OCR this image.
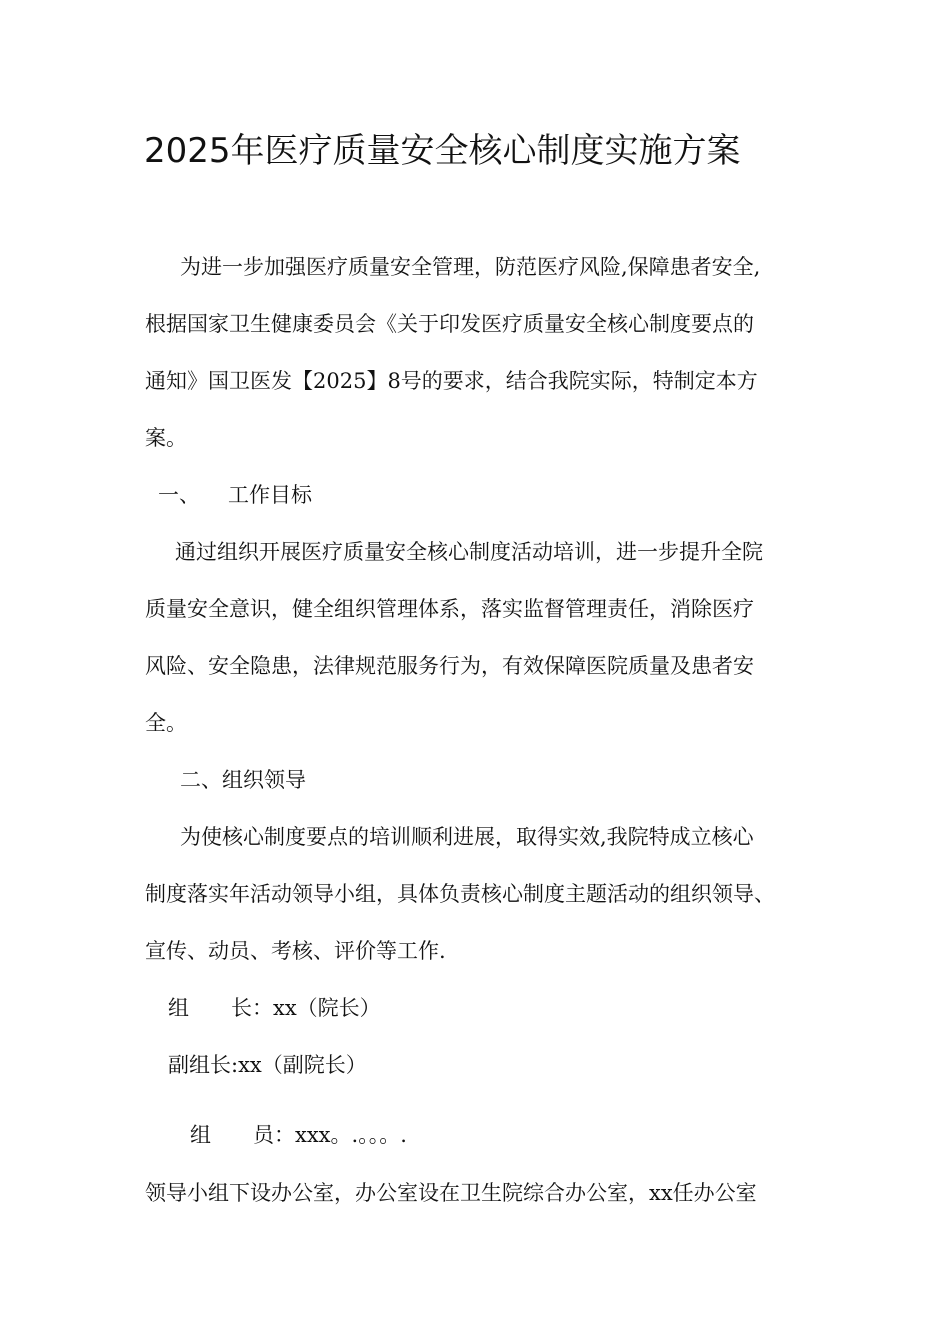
2025年医疗质量安全核心制度实施方案
为进一步加强医疗质量安全管理，防范医疗风险,保障患者安全,
根据国家卫生健康委员会《关于印发医疗质量安全核心制度要点的
通知》国卫医发【2025】8号的要求，结合我院实际，特制定本方
案。
一、 工作目标
通过组织开展医疗质量安全核心制度活动培训，进一步提升全院
质量安全意识，健全组织管理体系，落实监督管理责任，消除医疗
风险、安全隐患，法律规范服务行为，有效保障医院质量及患者安
全。
二、组织领导
为使核心制度要点的培训顺利进展，取得实效,我院特成立核心
制度落实年活动领导小组，具体负责核心制度主题活动的组织领导、
宣传、动员、考核、评价等工作.
组　　长：xx（院长）
副组长:xx（副院长）
组　　员：xxx。.。。。.
领导小组下设办公室，办公室设在卫生院综合办公室，xx任办公室
